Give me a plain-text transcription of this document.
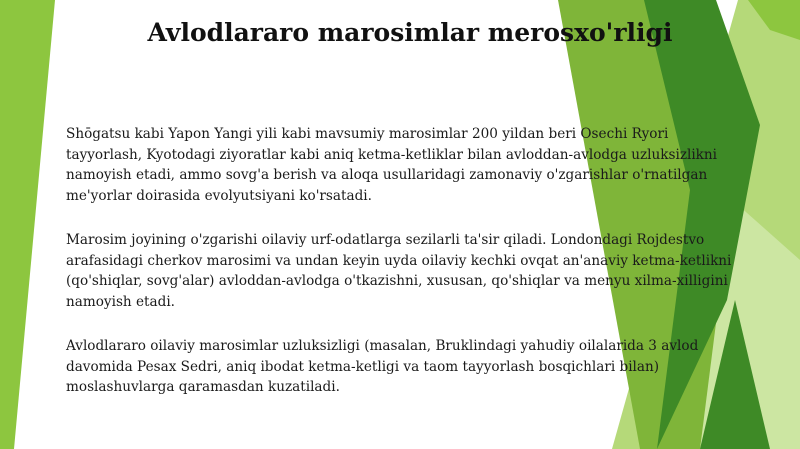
Avlodlararo marosimlar merosxo'rligi

Shōgatsu kabi Yapon Yangi yili kabi mavsumiy marosimlar 200 yildan beri Osechi Ryori tayyorlash, Kyotodagi ziyoratlar kabi aniq ketma-ketliklar bilan avloddan-avlodga uzluksizlikni namoyish etadi, ammo sovg'a berish va aloqa usullaridagi zamonaviy o'zgarishlar o'rnatilgan me'yorlar doirasida evolyutsiyani ko'rsatadi.

Marosim joyining o'zgarishi oilaviy urf-odatlarga sezilarli ta'sir qiladi. Londondagi Rojdestvo arafasidagi cherkov marosimi va undan keyin uyda oilaviy kechki ovqat an'anaviy ketma-ketlikni (qo'shiqlar, sovg'alar) avloddan-avlodga o'tkazishni, xususan, qo'shiqlar va menyu xilma-xilligini namoyish etadi.

Avlodlararo oilaviy marosimlar uzluksizligi (masalan, Bruklindagi yahudiy oilalarida 3 avlod davomida Pesax Sedri, aniq ibodat ketma-ketligi va taom tayyorlash bosqichlari bilan) moslashuvlarga qaramasdan kuzatiladi.
